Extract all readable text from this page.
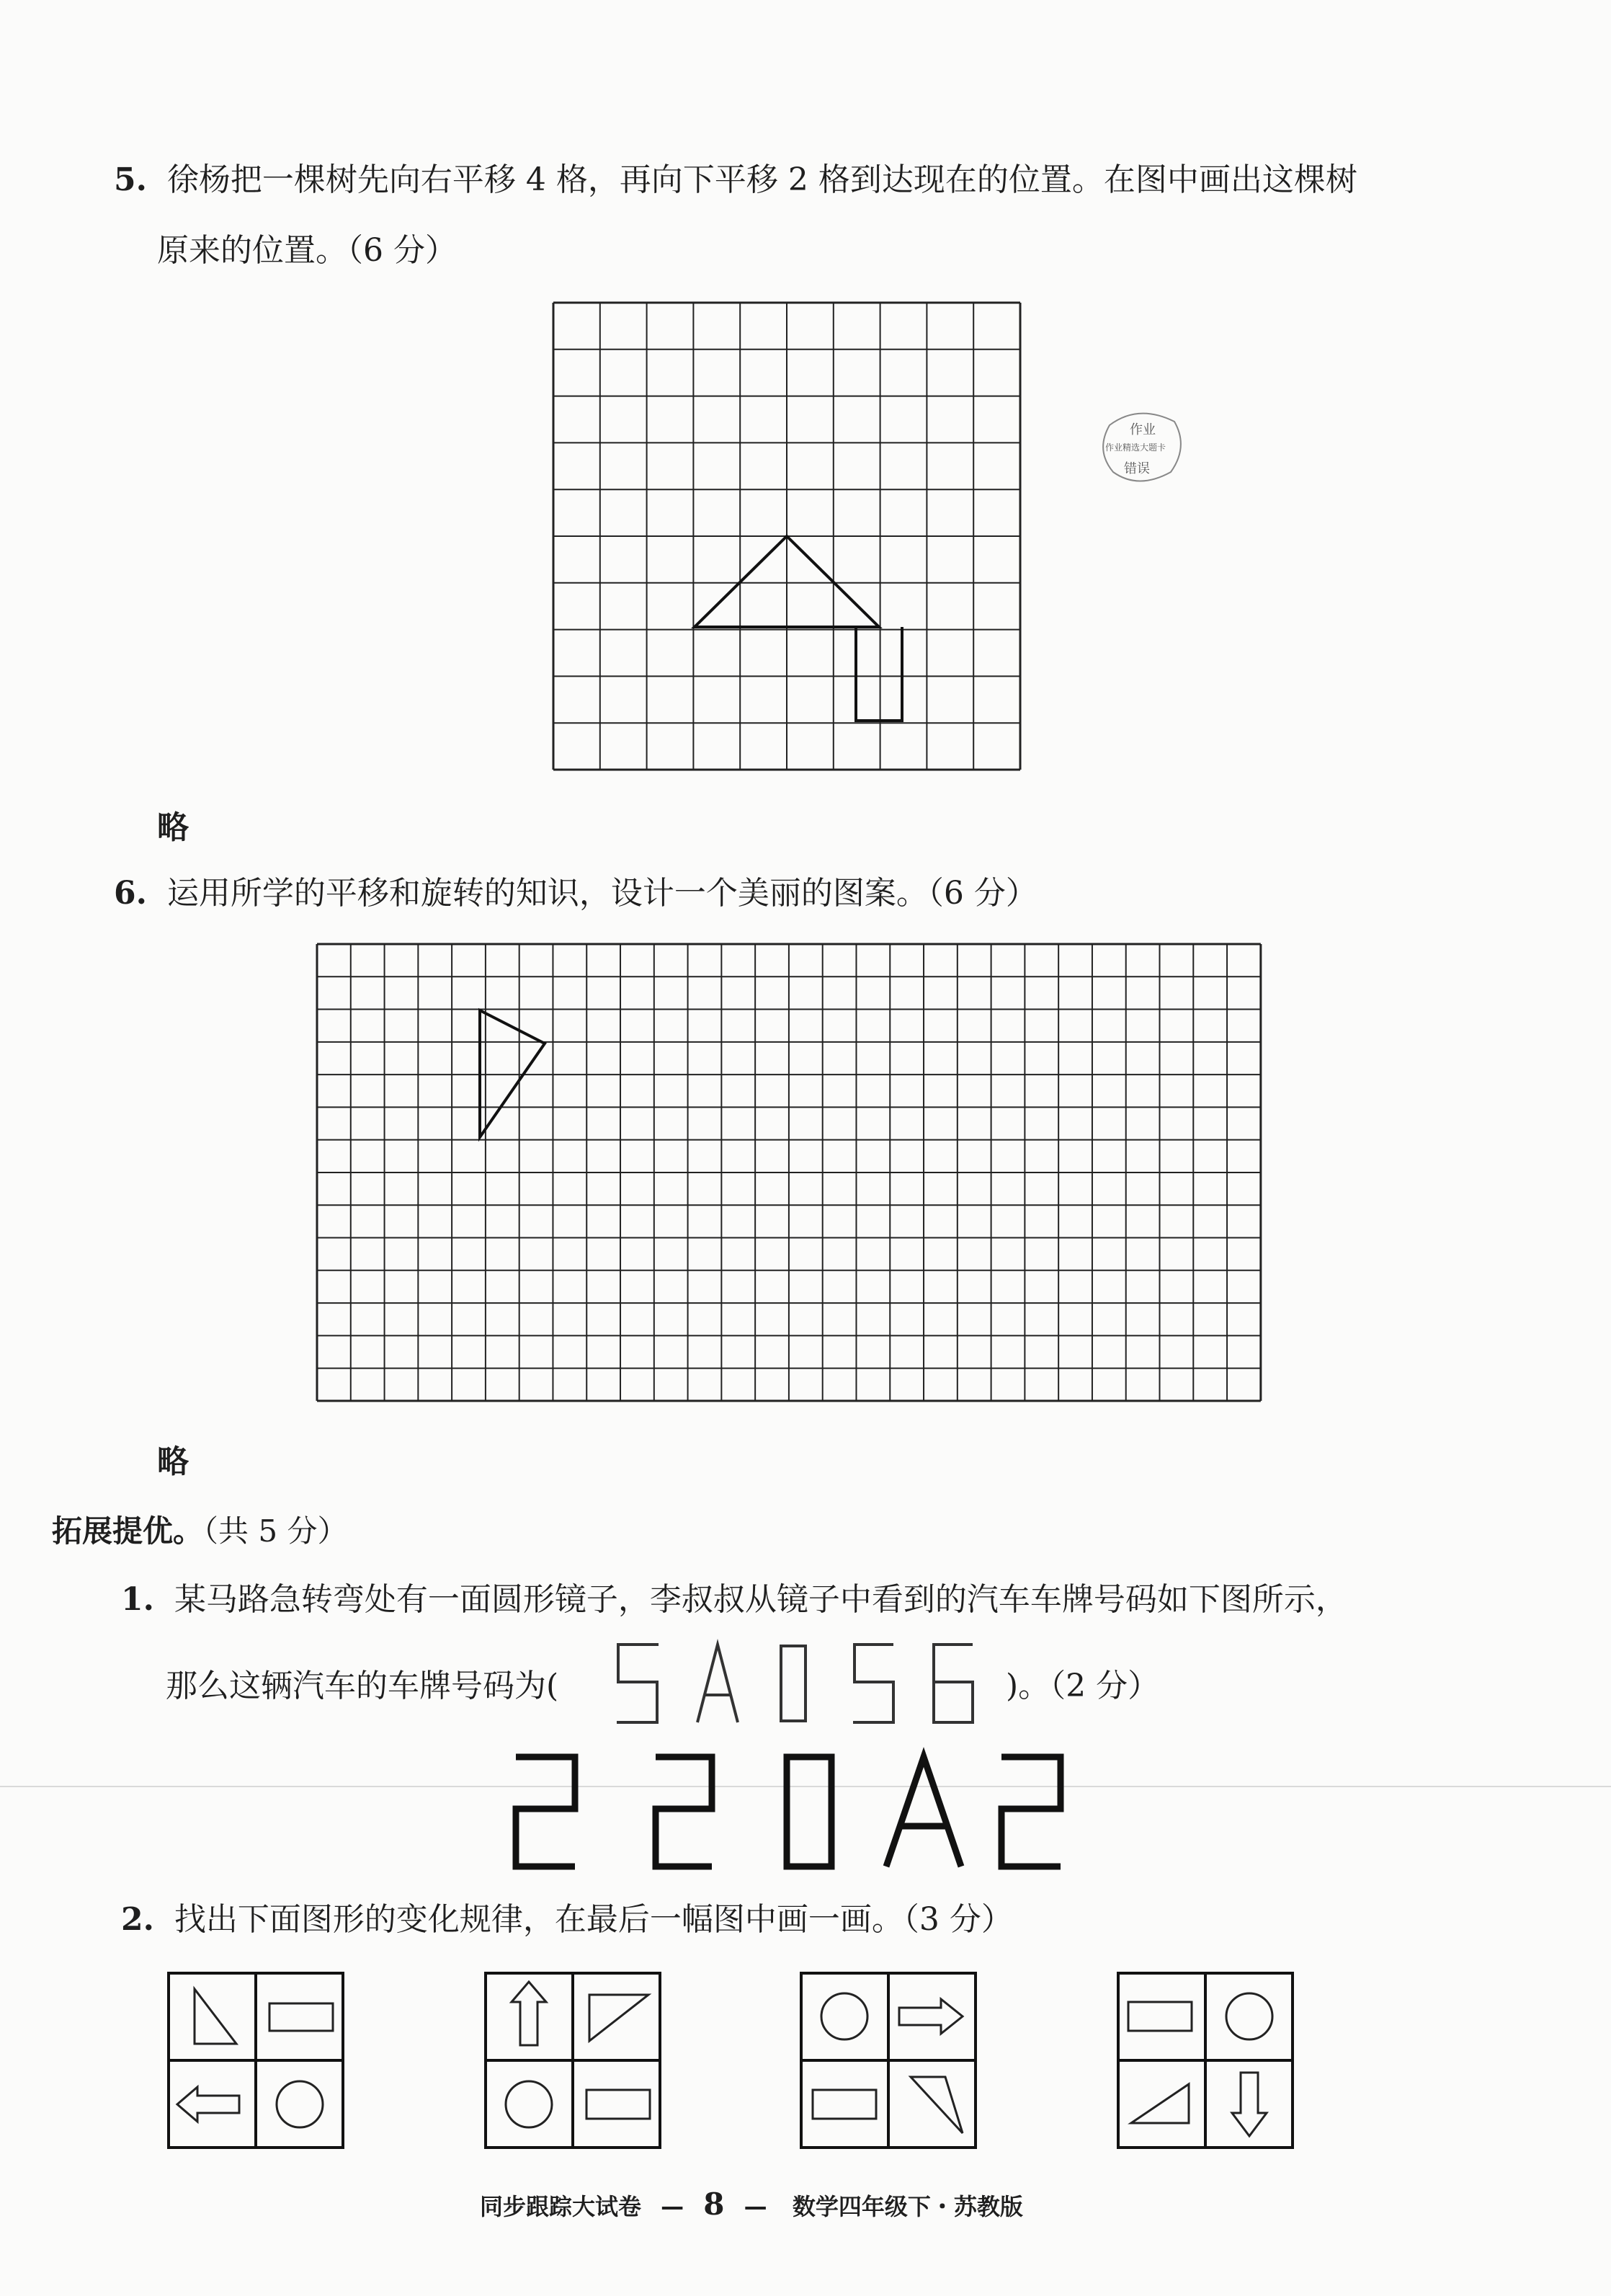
5. 徐杨把一棵树先向右平移 4 格，再向下平移 2 格到达现在的位置。在图中画出这棵树
原来的位置。（6 分）
略
作业
作业精选大题卡
错误
6. 运用所学的平移和旋转的知识，设计一个美丽的图案。（6 分）
略
拓展提优。（共 5 分）
1. 某马路急转弯处有一面圆形镜子，李叔叔从镜子中看到的汽车车牌号码如下图所示，
那么这辆汽车的车牌号码为(
5A056
)。（2 分）
220A2
2. 找出下面图形的变化规律，在最后一幅图中画一画。（3 分）
同步跟踪大试卷 — 8 — 数学四年级下・苏教版
